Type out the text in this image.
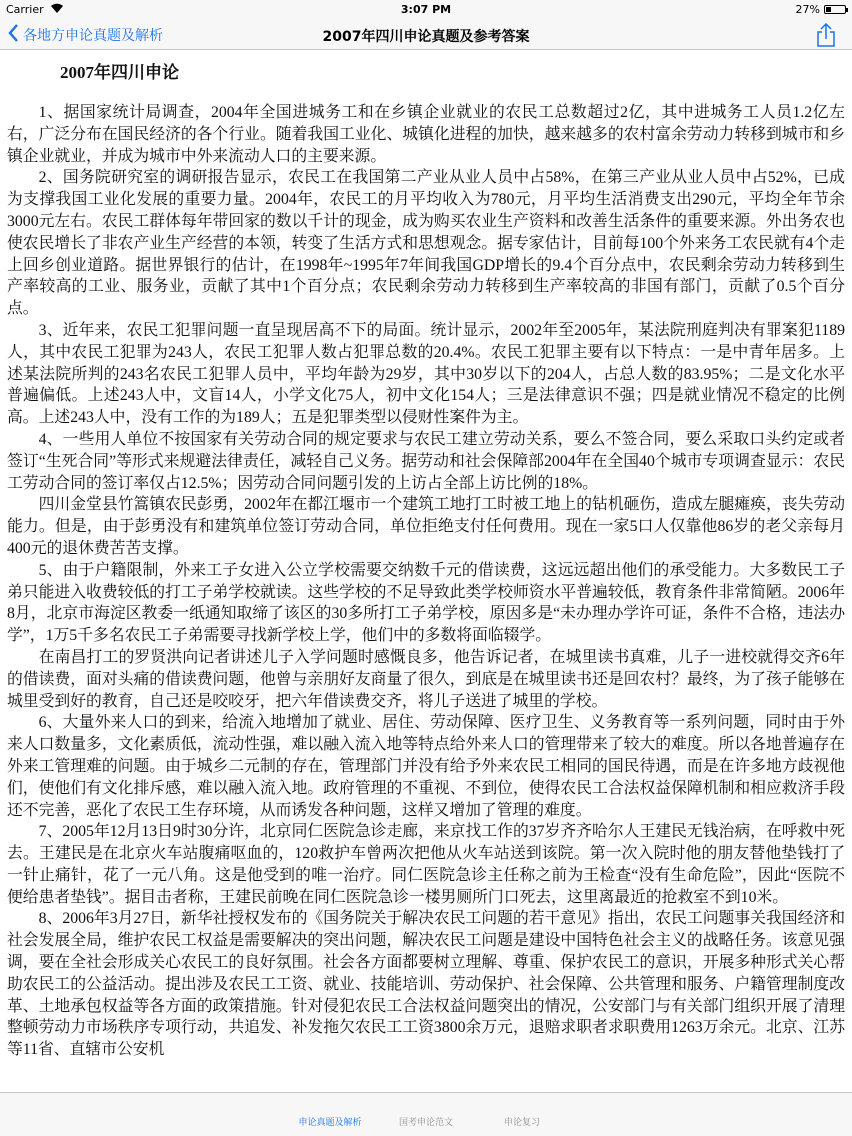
Carrier	3:07 PM	27%
各地方申论真题及解析	2007年四川申论真题及参考答案
2007年四川申论

1、据国家统计局调查，2004年全国进城务工和在乡镇企业就业的农民工总数超过2亿，其中进城务工人员1.2亿左右，广泛分布在国民经济的各个行业。随着我国工业化、城镇化进程的加快，越来越多的农村富余劳动力转移到城市和乡镇企业就业，并成为城市中外来流动人口的主要来源。

2、国务院研究室的调研报告显示，农民工在我国第二产业从业人员中占58%，在第三产业从业人员中占52%，已成为支撑我国工业化发展的重要力量。2004年，农民工的月平均收入为780元，月平均生活消费支出290元，平均全年节余3000元左右。农民工群体每年带回家的数以千计的现金，成为购买农业生产资料和改善生活条件的重要来源。外出务农也使农民增长了非农产业生产经营的本领，转变了生活方式和思想观念。据专家估计，目前每100个外来务工农民就有4个走上回乡创业道路。据世界银行的估计，在1998年~1995年7年间我国GDP增长的9.4个百分点中，农民剩余劳动力转移到生产率较高的工业、服务业，贡献了其中1个百分点；农民剩余劳动力转移到生产率较高的非国有部门，贡献了0.5个百分点。

3、近年来，农民工犯罪问题一直呈现居高不下的局面。统计显示，2002年至2005年，某法院刑庭判决有罪案犯1189人，其中农民工犯罪为243人，农民工犯罪人数占犯罪总数的20.4%。农民工犯罪主要有以下特点：一是中青年居多。上述某法院所判的243名农民工犯罪人员中，平均年龄为29岁，其中30岁以下的204人，占总人数的83.95%；二是文化水平普遍偏低。上述243人中，文盲14人，小学文化75人，初中文化154人；三是法律意识不强；四是就业情况不稳定的比例高。上述243人中，没有工作的为189人；五是犯罪类型以侵财性案件为主。

4、一些用人单位不按国家有关劳动合同的规定要求与农民工建立劳动关系，要么不签合同，要么采取口头约定或者签订“生死合同”等形式来规避法律责任，减轻自己义务。据劳动和社会保障部2004年在全国40个城市专项调查显示：农民工劳动合同的签订率仅占12.5%；因劳动合同问题引发的上访占全部上访比例的18%。

四川金堂县竹篙镇农民彭勇，2002年在都江堰市一个建筑工地打工时被工地上的钻机砸伤，造成左腿瘫痪，丧失劳动能力。但是，由于彭勇没有和建筑单位签订劳动合同，单位拒绝支付任何费用。现在一家5口人仅靠他86岁的老父亲每月400元的退休费苦苦支撑。

5、由于户籍限制，外来工子女进入公立学校需要交纳数千元的借读费，这远远超出他们的承受能力。大多数民工子弟只能进入收费较低的打工子弟学校就读。这些学校的不足导致此类学校师资水平普遍较低，教育条件非常简陋。2006年8月，北京市海淀区教委一纸通知取缔了该区的30多所打工子弟学校，原因多是“未办理办学许可证，条件不合格，违法办学”，1万5千多名农民工子弟需要寻找新学校上学，他们中的多数将面临辍学。

在南昌打工的罗贤洪向记者讲述儿子入学问题时感慨良多，他告诉记者，在城里读书真难，儿子一进校就得交齐6年的借读费，面对头痛的借读费问题，他曾与亲朋好友商量了很久，到底是在城里读书还是回农村？最终，为了孩子能够在城里受到好的教育，自己还是咬咬牙，把六年借读费交齐，将儿子送进了城里的学校。

6、大量外来人口的到来，给流入地增加了就业、居住、劳动保障、医疗卫生、义务教育等一系列问题，同时由于外来人口数量多，文化素质低，流动性强，难以融入流入地等特点给外来人口的管理带来了较大的难度。所以各地普遍存在外来工管理难的问题。由于城乡二元制的存在，管理部门并没有给予外来农民工相同的国民待遇，而是在许多地方歧视他们，使他们有文化排斥感，难以融入流入地。政府管理的不重视、不到位，使得农民工合法权益保障机制和相应救济手段还不完善，恶化了农民工生存环境，从而诱发各种问题，这样又增加了管理的难度。

7、2005年12月13日9时30分许，北京同仁医院急诊走廊，来京找工作的37岁齐齐哈尔人王建民无钱治病，在呼救中死去。王建民是在北京火车站腹痛呕血的，120救护车曾两次把他从火车站送到该院。第一次入院时他的朋友替他垫钱打了一针止痛针，花了一元八角。这是他受到的唯一治疗。同仁医院急诊主任称之前为王检查“没有生命危险”，因此“医院不便给患者垫钱”。据目击者称，王建民前晚在同仁医院急诊一楼男厕所门口死去，这里离最近的抢救室不到10米。

8、2006年3月27日，新华社授权发布的《国务院关于解决农民工问题的若干意见》指出，农民工问题事关我国经济和社会发展全局，维护农民工权益是需要解决的突出问题，解决农民工问题是建设中国特色社会主义的战略任务。该意见强调，要在全社会形成关心农民工的良好氛围。社会各方面都要树立理解、尊重、保护农民工的意识，开展多种形式关心帮助农民工的公益活动。提出涉及农民工工资、就业、技能培训、劳动保护、社会保障、公共管理和服务、户籍管理制度改革、土地承包权益等各方面的政策措施。针对侵犯农民工合法权益问题突出的情况，公安部门与有关部门组织开展了清理整顿劳动力市场秩序专项行动，共追发、补发拖欠农民工工资3800余万元，退赔求职者求职费用1263万余元。北京、江苏等11省、直辖市公安机

申论真题及解析	国考申论范文	申论复习
